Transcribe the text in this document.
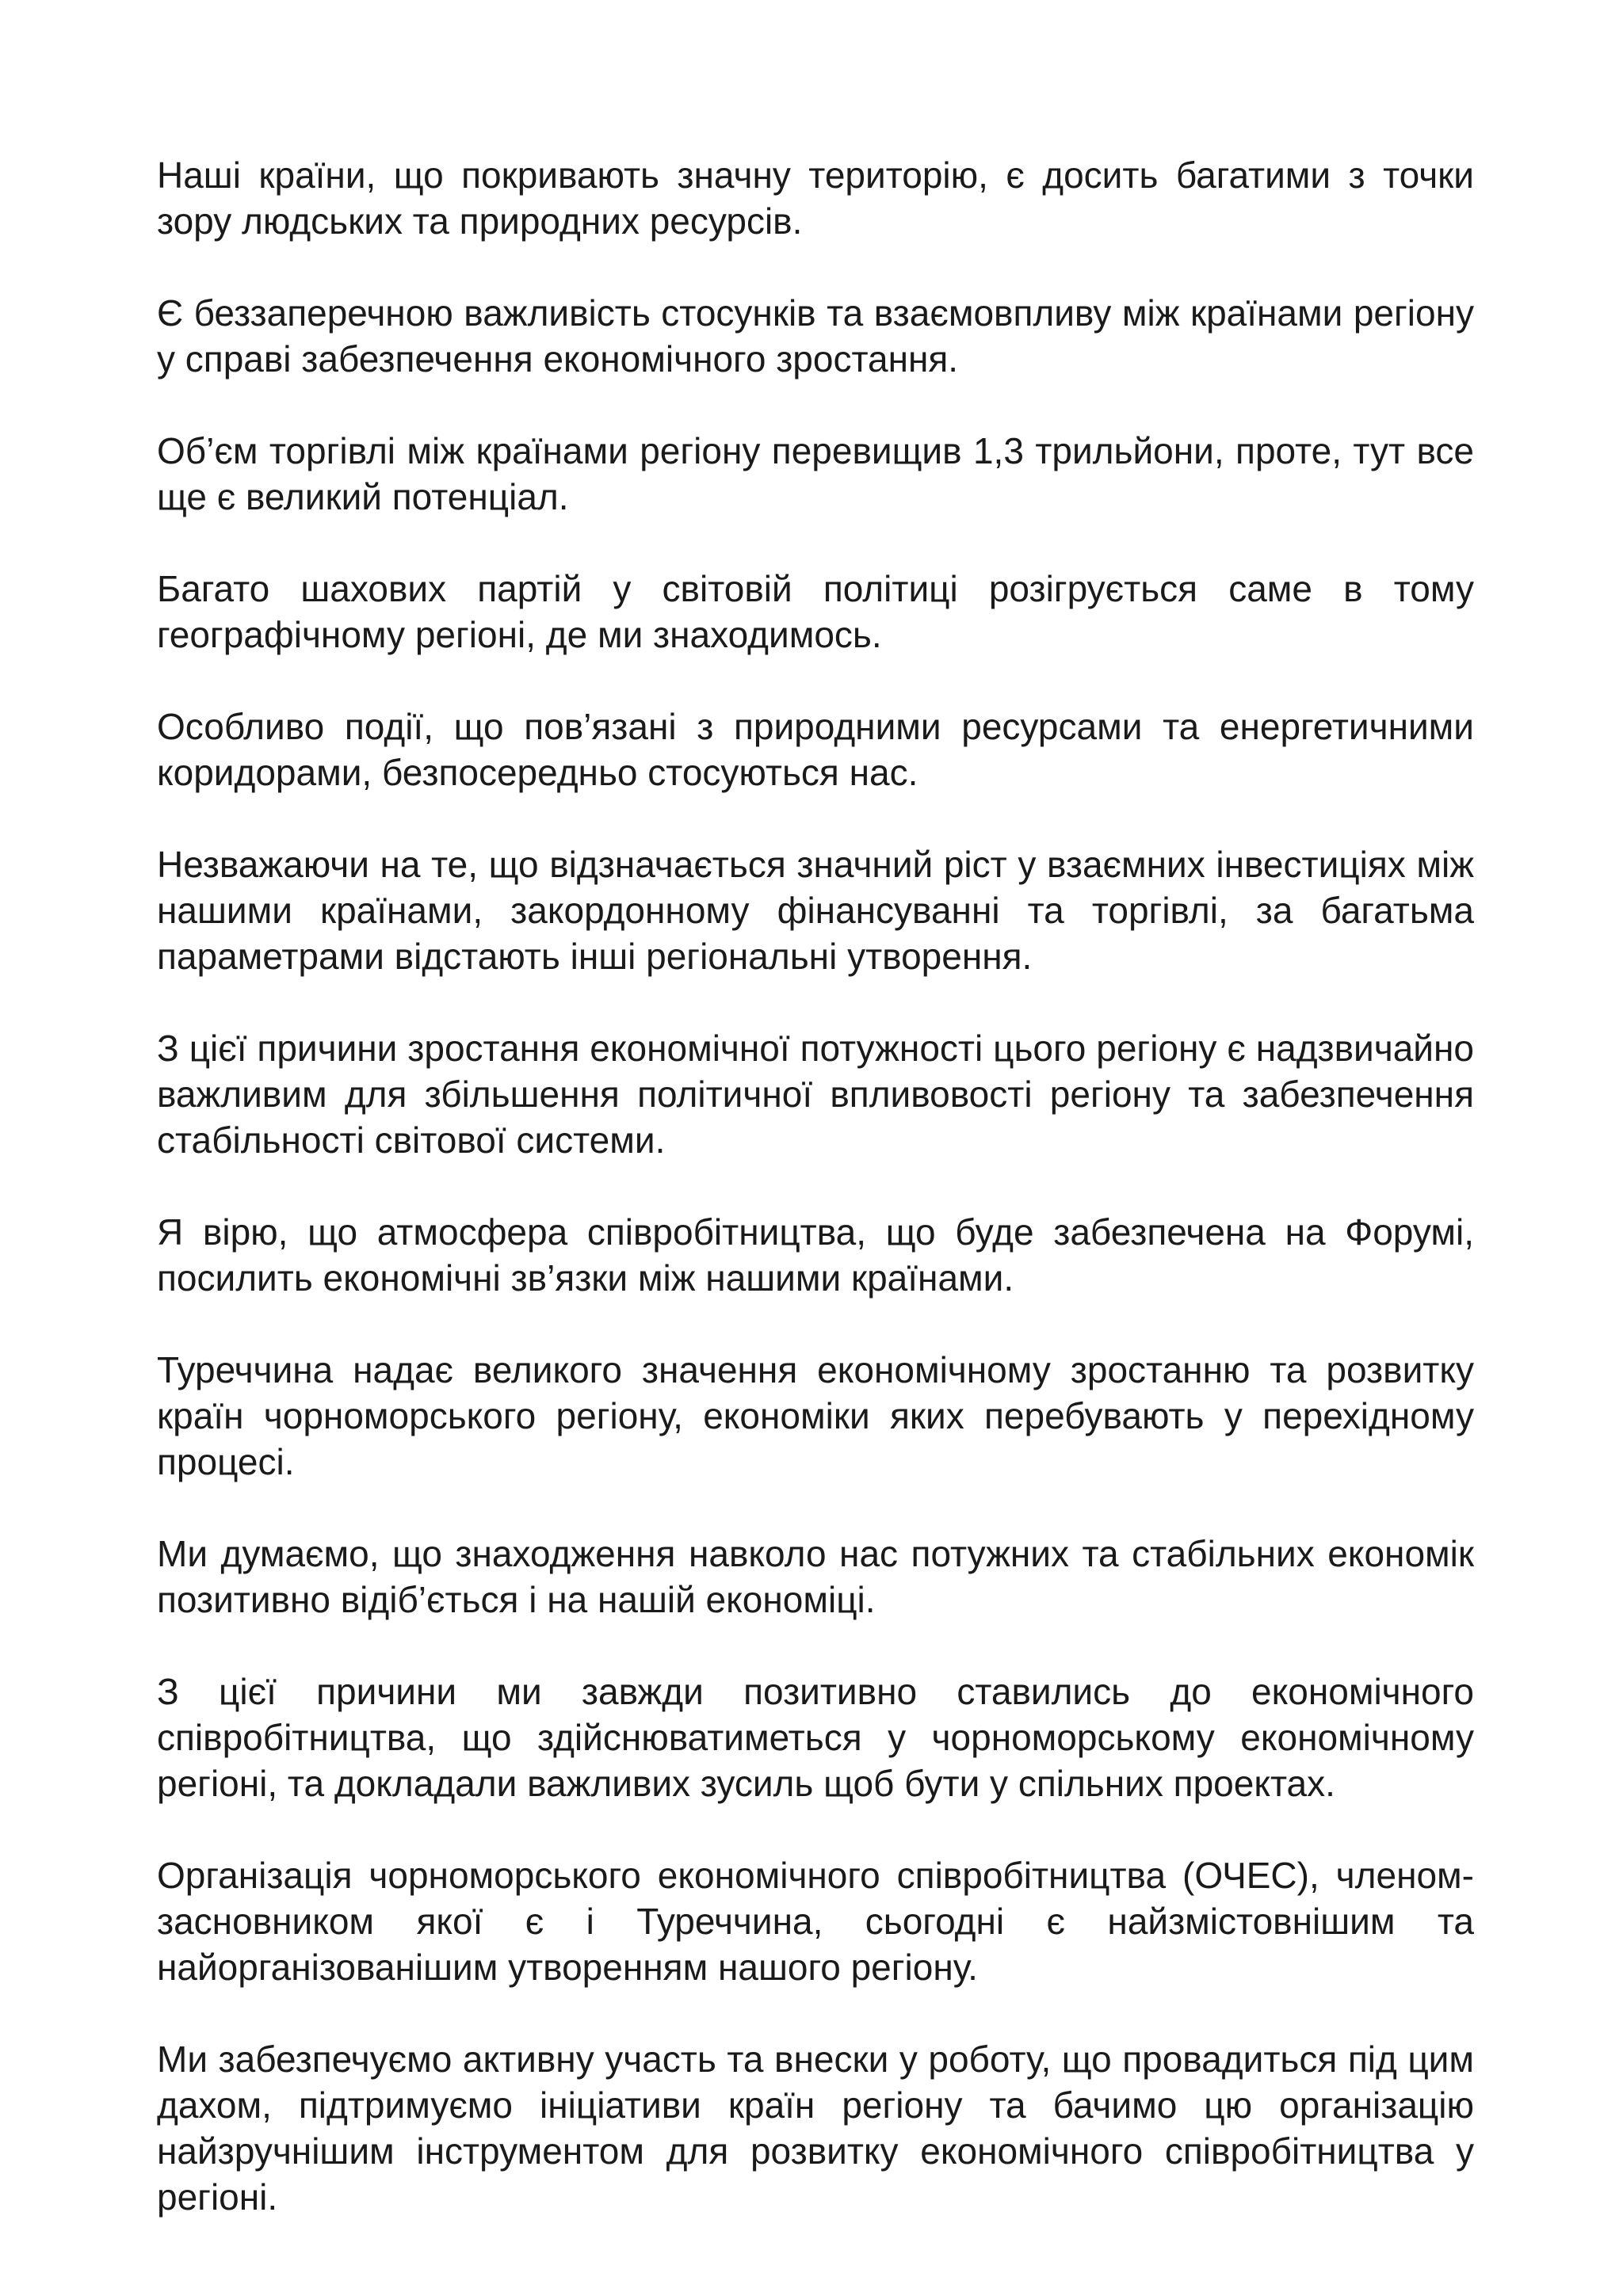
Наші країни, що покривають значну територію, є досить багатими з точки зору людських та природних ресурсів.

Є беззаперечною важливість стосунків та взаємовпливу між країнами регіону у справі забезпечення економічного зростання.

Об’єм торгівлі між країнами регіону перевищив 1,3 трильйони, проте, тут все ще є великий потенціал.

Багато шахових партій у світовій політиці розігрується саме в тому географічному регіоні, де ми знаходимось.

Особливо події, що пов’язані з природними ресурсами та енергетичними коридорами, безпосередньо стосуються нас.

Незважаючи на те, що відзначається значний ріст у взаємних інвестиціях між нашими країнами, закордонному фінансуванні та торгівлі, за багатьма параметрами відстають інші регіональні утворення.

З цієї причини зростання економічної потужності цього регіону є надзвичайно важливим для збільшення політичної впливовості регіону та забезпечення стабільності світової системи.

Я вірю, що атмосфера співробітництва, що буде забезпечена на Форумі, посилить економічні зв’язки між нашими країнами.

Туреччина надає великого значення економічному зростанню та розвитку країн чорноморського регіону, економіки яких перебувають у перехідному процесі.

Ми думаємо, що знаходження навколо нас потужних та стабільних економік позитивно відіб’ється і на нашій економіці.

З цієї причини ми завжди позитивно ставились до економічного співробітництва, що здійснюватиметься у чорноморському економічному регіоні, та докладали важливих зусиль щоб бути у спільних проектах.

Організація чорноморського економічного співробітництва (ОЧЕС), членом-засновником якої є і Туреччина, сьогодні є найзмістовнішим та найорганізованішим утворенням нашого регіону.

Ми забезпечуємо активну участь та внески у роботу, що провадиться під цим дахом, підтримуємо ініціативи країн регіону та бачимо цю організацію найзручнішим інструментом для розвитку економічного співробітництва у регіоні.
